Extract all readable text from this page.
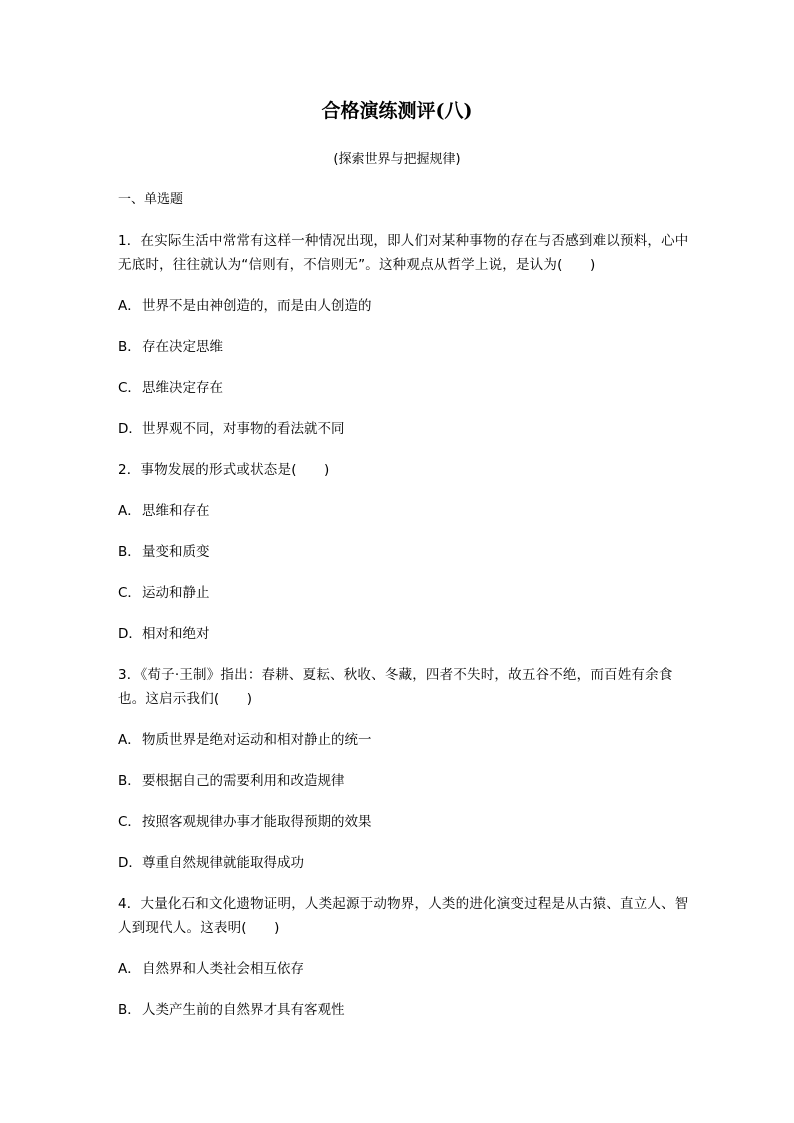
合格演练测评(八)
(探索世界与把握规律)
一、单选题
1．在实际生活中常常有这样一种情况出现，即人们对某种事物的存在与否感到难以预料，心中无底时，往往就认为“信则有，不信则无”。这种观点从哲学上说，是认为(　　)
A．世界不是由神创造的，而是由人创造的
B．存在决定思维
C．思维决定存在
D．世界观不同，对事物的看法就不同
2．事物发展的形式或状态是(　　)
A．思维和存在
B．量变和质变
C．运动和静止
D．相对和绝对
3．《荀子·王制》指出：春耕、夏耘、秋收、冬藏，四者不失时，故五谷不绝，而百姓有余食也。这启示我们(　　)
A．物质世界是绝对运动和相对静止的统一
B．要根据自己的需要利用和改造规律
C．按照客观规律办事才能取得预期的效果
D．尊重自然规律就能取得成功
4．大量化石和文化遗物证明，人类起源于动物界，人类的进化演变过程是从古猿、直立人、智人到现代人。这表明(　　)
A．自然界和人类社会相互依存
B．人类产生前的自然界才具有客观性
